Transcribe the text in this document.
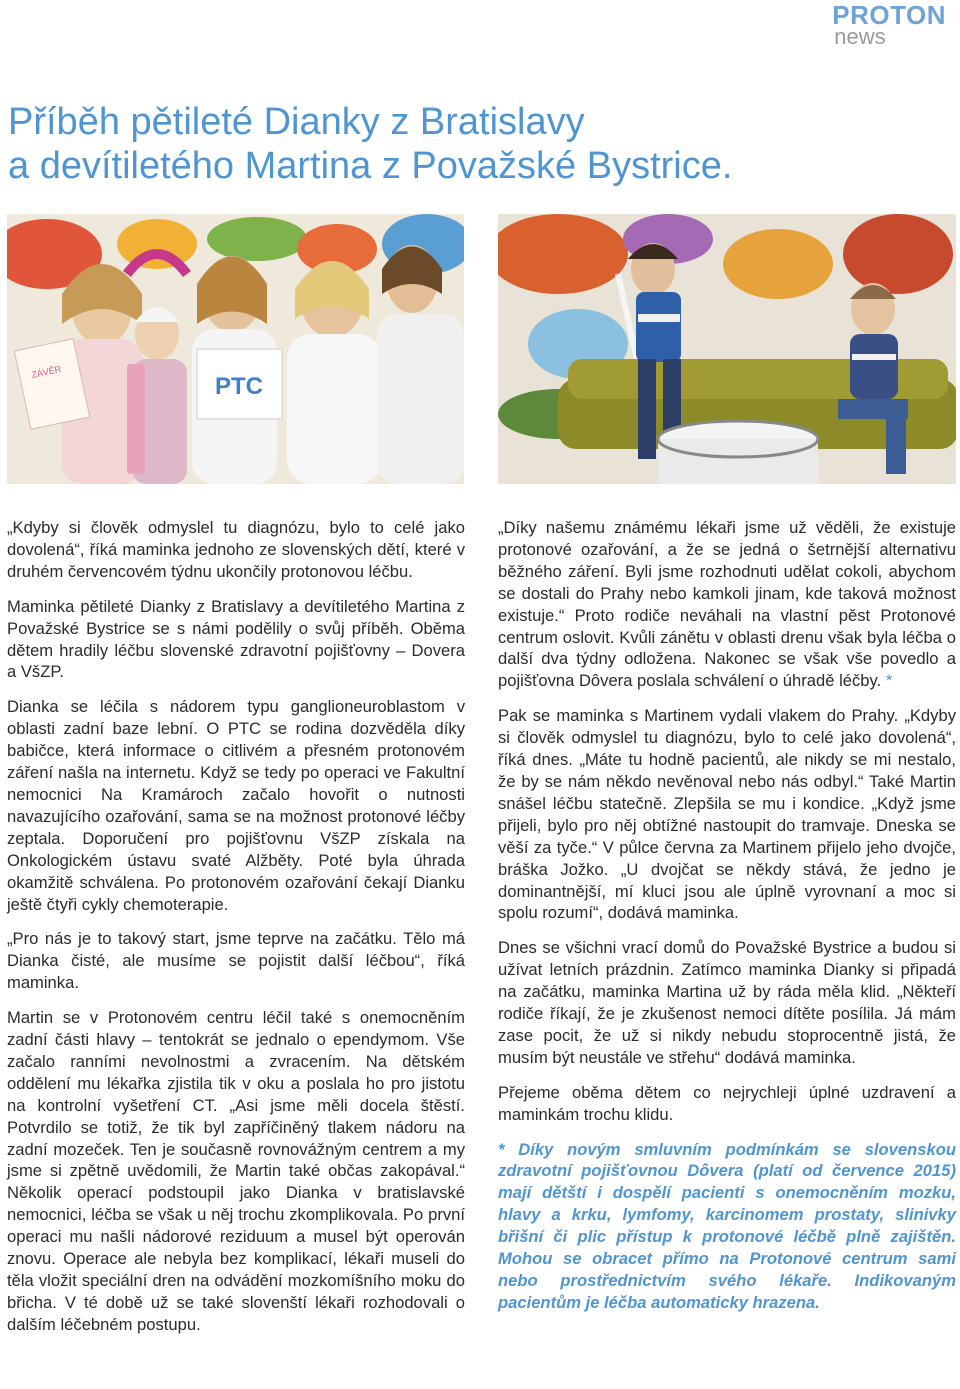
PROTON
news
Příběh pětileté Dianky z Bratislavy
a devítiletého Martina z Považské Bystrice.
PTC
ZÁVĚR

„Kdyby si člověk odmyslel tu diagnózu, bylo to celé jako dovolená“, říká maminka jednoho ze slovenských dětí, které v druhém červencovém týdnu ukončily protonovou léčbu.

Maminka pětileté Dianky z Bratislavy a devítiletého Martina z Považské Bystrice se s námi podělily o svůj příběh. Oběma dětem hradily léčbu slovenské zdravotní pojišťovny – Dovera a VšZP.

Dianka se léčila s nádorem typu ganglioneuroblastom v oblasti zadní baze lební. O PTC se rodina dozvěděla díky babičce, která informace o citlivém a přesném protonovém záření našla na internetu. Když se tedy po operaci ve Fakultní nemocnici Na Kramároch začalo hovořit o nutnosti navazujícího ozařování, sama se na možnost protonové léčby zeptala. Doporučení pro pojišťovnu VšZP získala na Onkologickém ústavu svaté Alžběty. Poté byla úhrada okamžitě schválena. Po protonovém ozařování čekají Dianku ještě čtyři cykly chemoterapie.

„Pro nás je to takový start, jsme teprve na začátku. Tělo má Dianka čisté, ale musíme se pojistit další léčbou“, říká maminka.

Martin se v Protonovém centru léčil také s onemocněním zadní části hlavy – tentokrát se jednalo o ependymom. Vše začalo ranními nevolnostmi a zvracením. Na dětském oddělení mu lékařka zjistila tik v oku a poslala ho pro jistotu na kontrolní vyšetření CT. „Asi jsme měli docela štěstí. Potvrdilo se totiž, že tik byl zapříčiněný tlakem nádoru na zadní mozeček. Ten je současně rovnovážným centrem a my jsme si zpětně uvědomili, že Martin také občas zakopával.“ Několik operací podstoupil jako Dianka v bratislavské nemocnici, léčba se však u něj trochu zkomplikovala. Po první operaci mu našli nádorové reziduum a musel být operován znovu. Operace ale nebyla bez komplikací, lékaři museli do těla vložit speciální dren na odvádění mozkomíšního moku do břicha. V té době už se také slovenští lékaři rozhodovali o dalším léčebném postupu.

„Díky našemu známému lékaři jsme už věděli, že existuje protonové ozařování, a že se jedná o šetrnější alternativu běžného záření. Byli jsme rozhodnuti udělat cokoli, abychom se dostali do Prahy nebo kamkoli jinam, kde taková možnost existuje.“ Proto rodiče neváhali na vlastní pěst Protonové centrum oslovit. Kvůli zánětu v oblasti drenu však byla léčba o další dva týdny odložena. Nakonec se však vše povedlo a pojišťovna Dôvera poslala schválení o úhradě léčby. *

Pak se maminka s Martinem vydali vlakem do Prahy. „Kdyby si člověk odmyslel tu diagnózu, bylo to celé jako dovolená“, říká dnes. „Máte tu hodně pacientů, ale nikdy se mi nestalo, že by se nám někdo nevěnoval nebo nás odbyl.“ Také Martin snášel léčbu statečně. Zlepšila se mu i kondice. „Když jsme přijeli, bylo pro něj obtížné nastoupit do tramvaje. Dneska se věší za tyče.“ V půlce června za Martinem přijelo jeho dvojče, bráška Jožko. „U dvojčat se někdy stává, že jedno je dominantnější, mí kluci jsou ale úplně vyrovnaní a moc si spolu rozumí“, dodává maminka.

Dnes se všichni vrací domů do Považské Bystrice a budou si užívat letních prázdnin. Zatímco maminka Dianky si připadá na začátku, maminka Martina už by ráda měla klid. „Někteří rodiče říkají, že je zkušenost nemoci dítěte posílila. Já mám zase pocit, že už si nikdy nebudu stoprocentně jistá, že musím být neustále ve střehu“ dodává maminka.

Přejeme oběma dětem co nejrychleji úplné uzdravení a maminkám trochu klidu.

* Díky novým smluvním podmínkám se slovenskou zdravotní pojišťovnou Dôvera (platí od července 2015) mají dětští i dospělí pacienti s onemocněním mozku, hlavy a krku, lymfomy, karcinomem prostaty, slinivky břišní či plic přístup k protonové léčbě plně zajištěn. Mohou se obracet přímo na Protonové centrum sami nebo prostřednictvím svého lékaře. Indikovaným pacientům je léčba automaticky hrazena.
